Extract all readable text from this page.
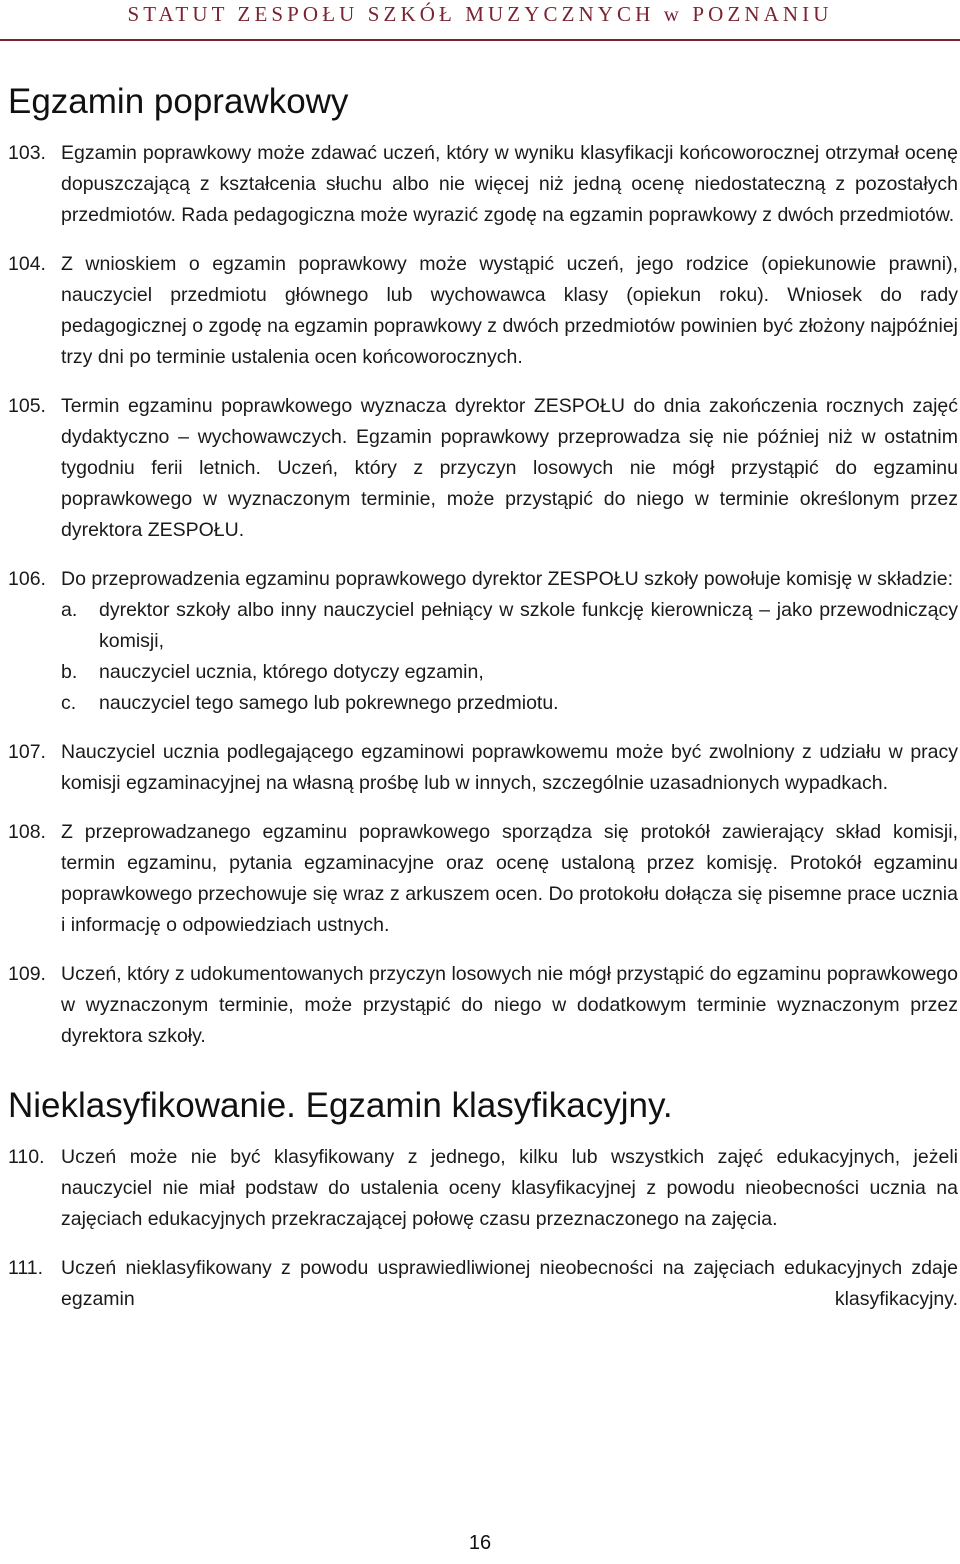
STATUT ZESPOŁU SZKÓŁ MUZYCZNYCH w POZNANIU
Egzamin poprawkowy
103. Egzamin poprawkowy może zdawać uczeń, który w wyniku klasyfikacji końcoworocznej otrzymał ocenę dopuszczającą z kształcenia słuchu albo nie więcej niż jedną ocenę niedostateczną z pozostałych przedmiotów. Rada pedagogiczna może wyrazić zgodę na egzamin poprawkowy z dwóch przedmiotów.
104. Z wnioskiem o egzamin poprawkowy może wystąpić uczeń, jego rodzice (opiekunowie prawni), nauczyciel przedmiotu głównego lub wychowawca klasy (opiekun roku). Wniosek do rady pedagogicznej o zgodę na egzamin poprawkowy z dwóch przedmiotów powinien być złożony najpóźniej trzy dni po terminie ustalenia ocen końcoworocznych.
105. Termin egzaminu poprawkowego wyznacza dyrektor ZESPOŁU do dnia zakończenia rocznych zajęć dydaktyczno – wychowawczych. Egzamin poprawkowy przeprowadza się nie później niż w ostatnim tygodniu ferii letnich. Uczeń, który z przyczyn losowych nie mógł przystąpić do egzaminu poprawkowego w wyznaczonym terminie, może przystąpić do niego w terminie określonym przez dyrektora ZESPOŁU.
106. Do przeprowadzenia egzaminu poprawkowego dyrektor ZESPOŁU szkoły powołuje komisję w składzie:
a.	dyrektor szkoły albo inny nauczyciel pełniący w szkole funkcję kierowniczą – jako przewodniczący komisji,
b.	nauczyciel ucznia, którego dotyczy egzamin,
c.	nauczyciel tego samego lub pokrewnego przedmiotu.
107. Nauczyciel ucznia podlegającego egzaminowi poprawkowemu może być zwolniony z udziału w pracy komisji egzaminacyjnej na własną prośbę lub w innych, szczególnie uzasadnionych wypadkach.
108. Z przeprowadzanego egzaminu poprawkowego sporządza się protokół zawierający skład komisji, termin egzaminu, pytania egzaminacyjne oraz ocenę ustaloną przez komisję. Protokół egzaminu poprawkowego przechowuje się wraz z arkuszem ocen. Do protokołu dołącza się pisemne prace ucznia i informację o odpowiedziach ustnych.
109. Uczeń, który z udokumentowanych przyczyn losowych nie mógł przystąpić do egzaminu poprawkowego w wyznaczonym terminie, może przystąpić do niego w dodatkowym terminie wyznaczonym przez dyrektora szkoły.
Nieklasyfikowanie. Egzamin klasyfikacyjny.
110. Uczeń może nie być klasyfikowany z jednego, kilku lub wszystkich zajęć edukacyjnych, jeżeli nauczyciel nie miał podstaw do ustalenia oceny klasyfikacyjnej z powodu nieobecności ucznia na zajęciach edukacyjnych przekraczającej połowę czasu przeznaczonego na zajęcia.
111. Uczeń nieklasyfikowany z powodu usprawiedliwionej nieobecności na zajęciach edukacyjnych zdaje egzamin klasyfikacyjny.
16
